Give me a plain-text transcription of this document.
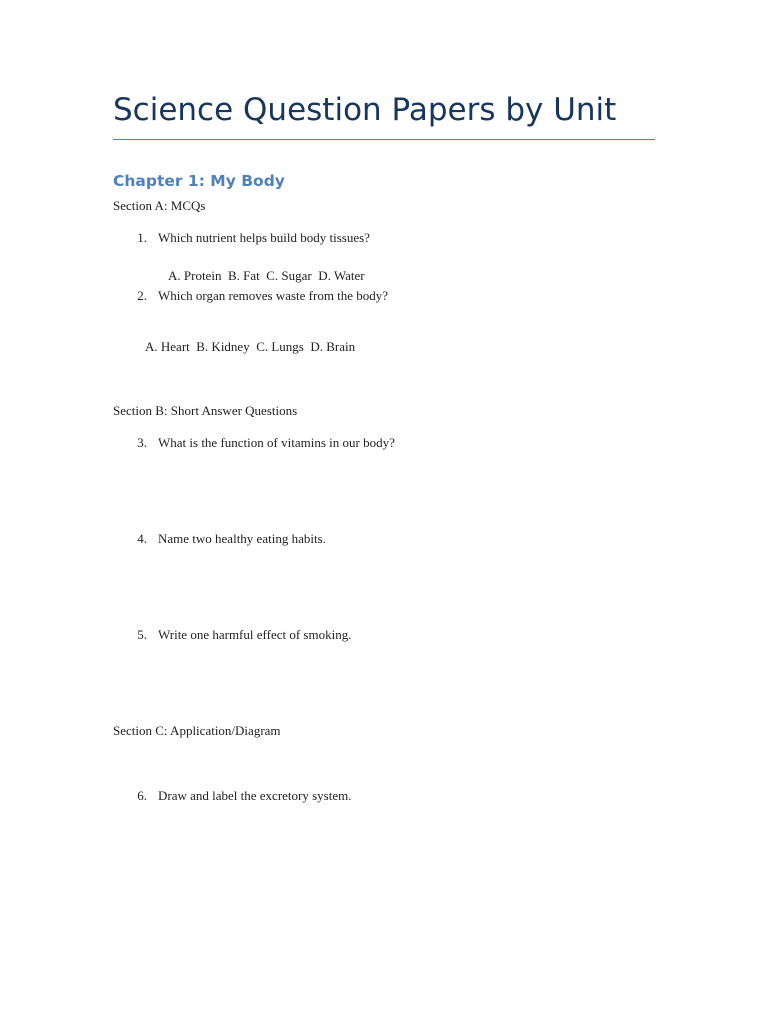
Science Question Papers by Unit
Chapter 1: My Body
Section A: MCQs
1. Which nutrient helps build body tissues?
A. Protein  B. Fat  C. Sugar  D. Water
2. Which organ removes waste from the body?
A. Heart  B. Kidney  C. Lungs  D. Brain
Section B: Short Answer Questions
3. What is the function of vitamins in our body?
4. Name two healthy eating habits.
5. Write one harmful effect of smoking.
Section C: Application/Diagram
6. Draw and label the excretory system.
